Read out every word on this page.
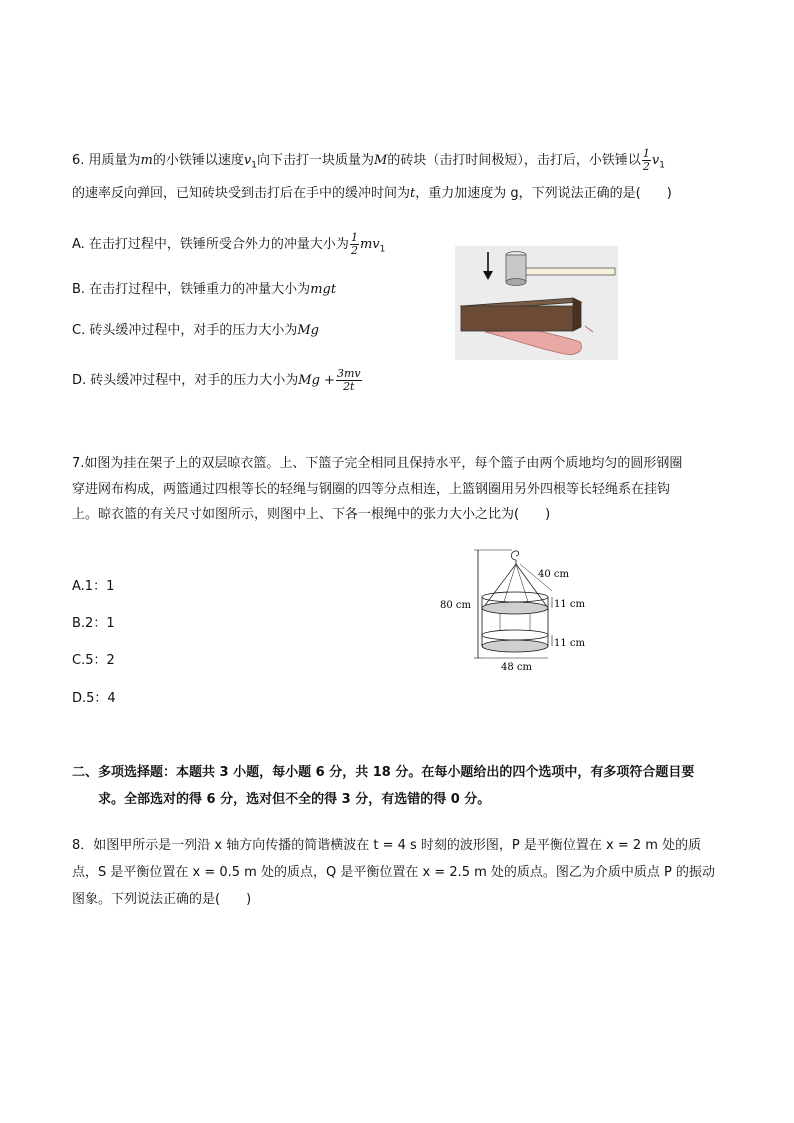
6. 用质量为m的小铁锤以速度$v_1$向下击打一块质量为M的砖块（击打时间极短），击打后，小铁锤以 $\frac{1}{2} v_1$
的速率反向弹回，已知砖块受到击打后在手中的缓冲时间为t，重力加速度为 g，下列说法正确的是(　　)
A. 在击打过程中，铁锤所受合外力的冲量大小为 $\frac{1}{2} mv_1$
B. 在击打过程中，铁锤重力的冲量大小为mgt
C. 砖头缓冲过程中，对手的压力大小为Mg
D. 砖头缓冲过程中，对手的压力大小为$Mg + \frac{3mv}{2t}$
7.如图为挂在架子上的双层晾衣篮。上、下篮子完全相同且保持水平，每个篮子由两个质地均匀的圆形钢圈
穿进网布构成，两篮通过四根等长的轻绳与钢圈的四等分点相连，上篮钢圈用另外四根等长轻绳系在挂钩
上。晾衣篮的有关尺寸如图所示，则图中上、下各一根绳中的张力大小之比为(　　)
A.1：1
B.2：1
C.5：2
D.5：4
80 cm
40 cm
11 cm
11 cm
48 cm
二、多项选择题：本题共 3 小题，每小题 6 分，共 18 分。在每小题给出的四个选项中，有多项符合题目要
求。全部选对的得 6 分，选对但不全的得 3 分，有选错的得 0 分。
8．如图甲所示是一列沿 x 轴方向传播的简谐横波在 t = 4 s 时刻的波形图，P 是平衡位置在 x = 2 m 处的质
点，S 是平衡位置在 x = 0.5 m 处的质点，Q 是平衡位置在 x = 2.5 m 处的质点。图乙为介质中质点 P 的振动
图象。下列说法正确的是(　　)
